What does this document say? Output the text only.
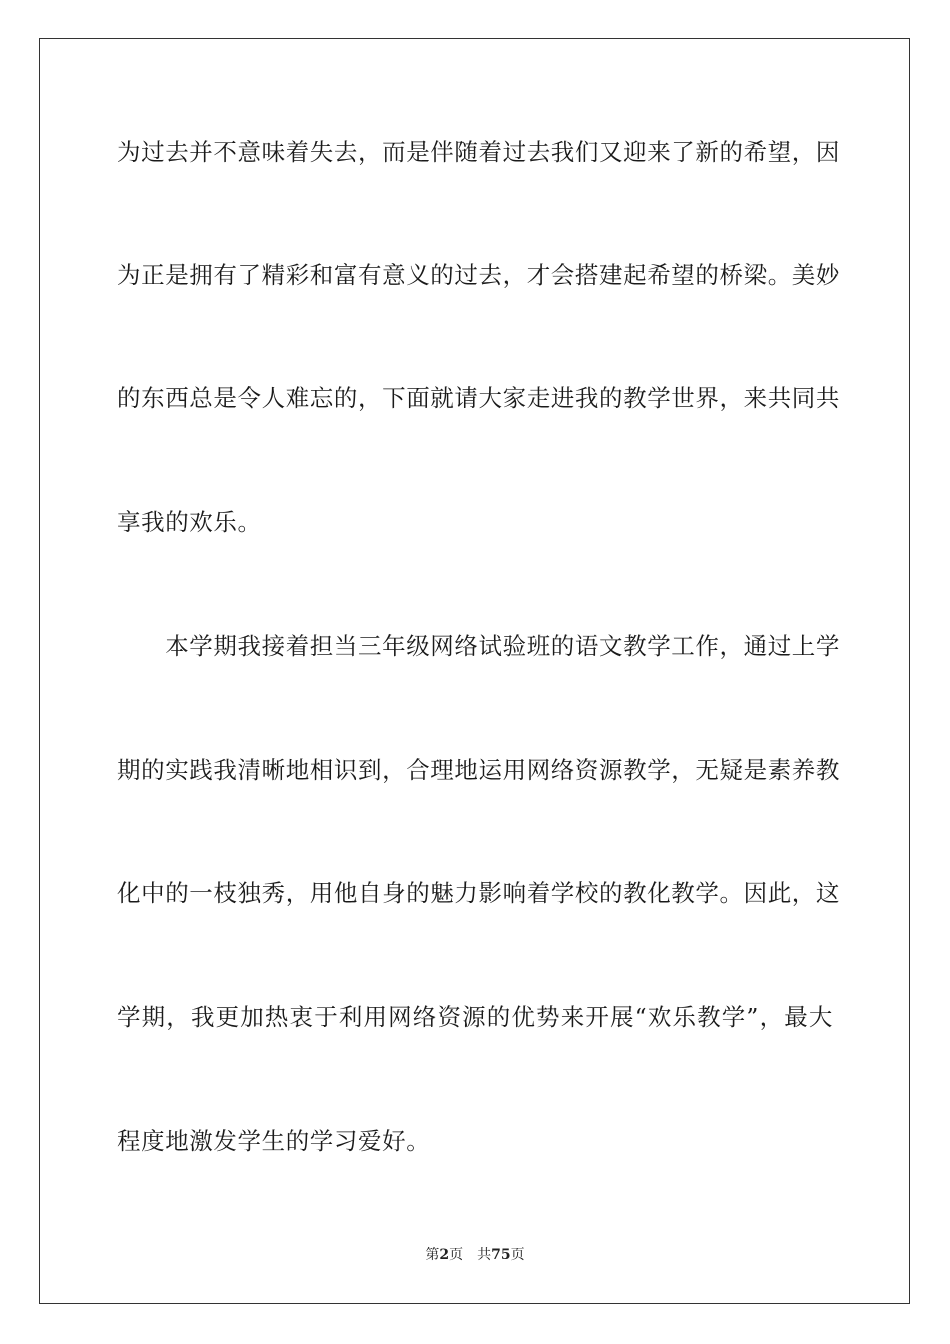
为过去并不意味着失去，而是伴随着过去我们又迎来了新的希望，因
为正是拥有了精彩和富有意义的过去，才会搭建起希望的桥梁。美妙
的东西总是令人难忘的，下面就请大家走进我的教学世界，来共同共
享我的欢乐。
　　本学期我接着担当三年级网络试验班的语文教学工作，通过上学
期的实践我清晰地相识到，合理地运用网络资源教学，无疑是素养教
化中的一枝独秀，用他自身的魅力影响着学校的教化教学。因此，这
学期，我更加热衷于利用网络资源的优势来开展“欢乐教学”，最大
程度地激发学生的学习爱好。
第2页 共75页
